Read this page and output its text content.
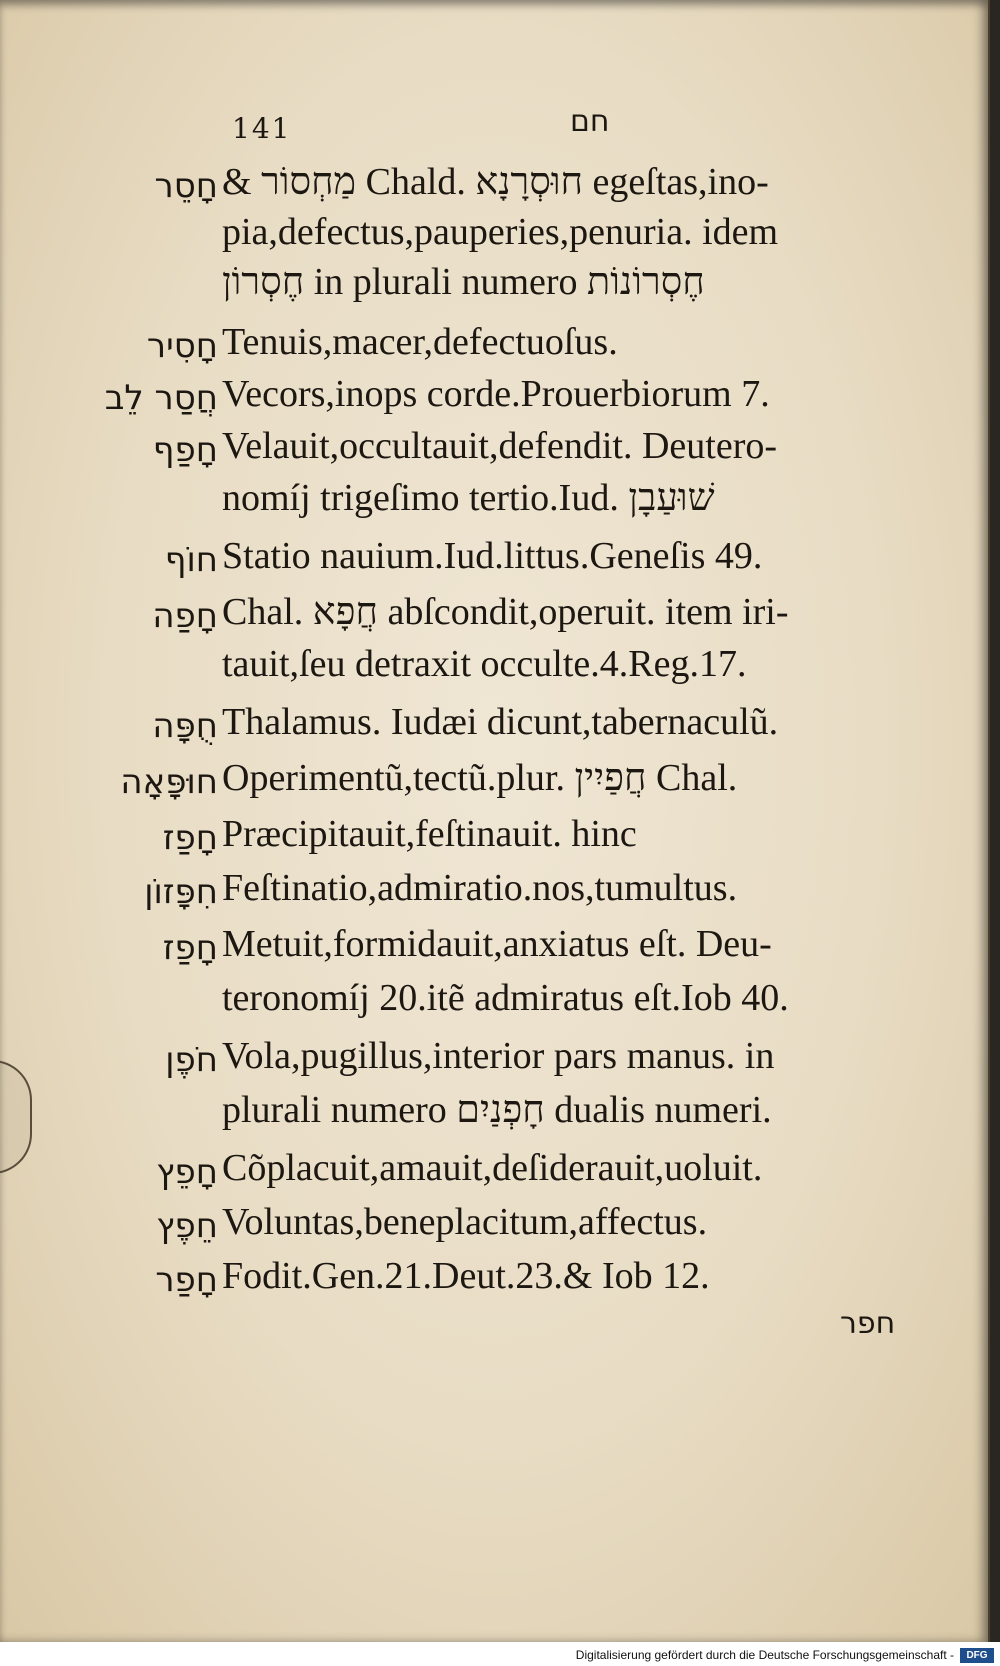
141	חם
חָסֵר & מַחְסוֹר Chald. חוּסְרָנָא egeſtas,ino‑
pia,defectus,pauperies,penuria. idem
חֶסְרוֹן in plurali numero חֶסְרוֹנוֹת
חָסִיר Tenuis,macer,defectuoſus.
חֲסַר לֵב Vecors,inops corde.Prouerbiorum 7.
חָפַף Velauit,occultauit,defendit. Deutero‑
nomíj trigeſimo tertio.Iud. שׁוּעַבָן
חוֹף Statio nauium.Iud.littus.Geneſis 49.
חָפַה Chal. חֲפָא abſcondit,operuit. item iri‑
tauit,ſeu detraxit occulte.4.Reg.17.
חֻפָּה Thalamus. Iudæi dicunt,tabernaculũ.
חוּפָּאָה Operimentũ,tectũ.plur. חֲפַיִין Chal.
חָפַז Præcipitauit,feſtinauit. hinc
חִפָּזוֹן Feſtinatio,admiratio.nos,tumultus.
חָפַז Metuit,formidauit,anxiatus eſt. Deu‑
teronomíj 20.itẽ admiratus eſt.Iob 40.
חֹפֶן Vola,pugillus,interior pars manus. in
plurali numero חָפְנַיִם dualis numeri.
חָפֵץ Cõplacuit,amauit,deſiderauit,uoluit.
חֵפֶץ Voluntas,beneplacitum,affectus.
חָפַר Fodit.Gen.21.Deut.23.& Iob 12.
חפר
Digitalisierung gefördert durch die Deutsche Forschungsgemeinschaft -	DFG
